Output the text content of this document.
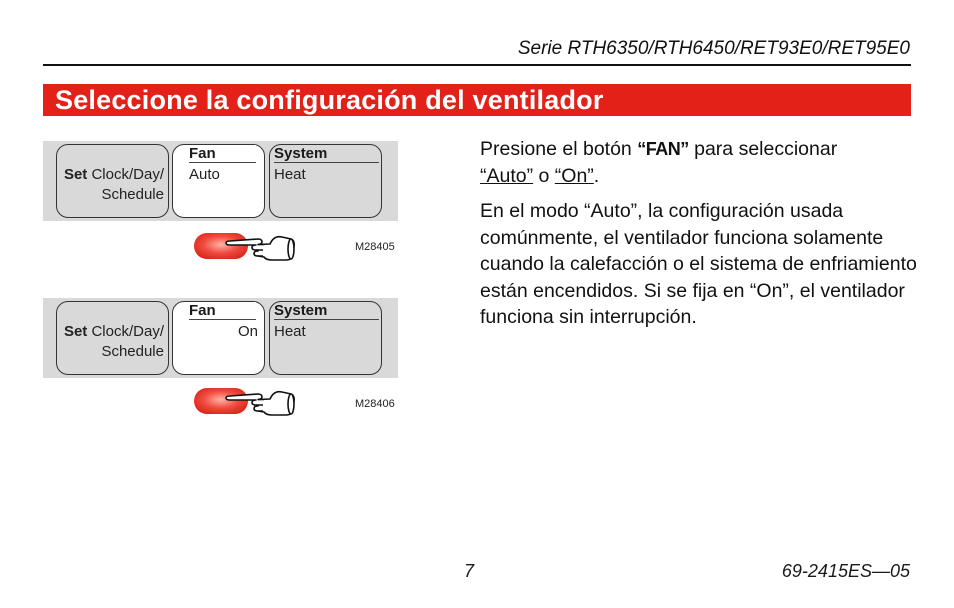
Serie RTH6350/RTH6450/RET93E0/RET95E0
Seleccione la configuración del ventilador
Set Clock/Day/
Schedule
Fan
Auto
System
Heat
M28405
Set Clock/Day/
Schedule
Fan
On
System
Heat
M28406

Presione el botón “FAN” para seleccionar
“Auto” o “On”.

En el modo “Auto”, la configuración usada comúnmente, el ventilador funciona solamente cuando la calefacción o el sistema de enfriamiento están encendidos. Si se fija en “On”, el ventilador funciona sin interrupción.

7	69-2415ES—05
